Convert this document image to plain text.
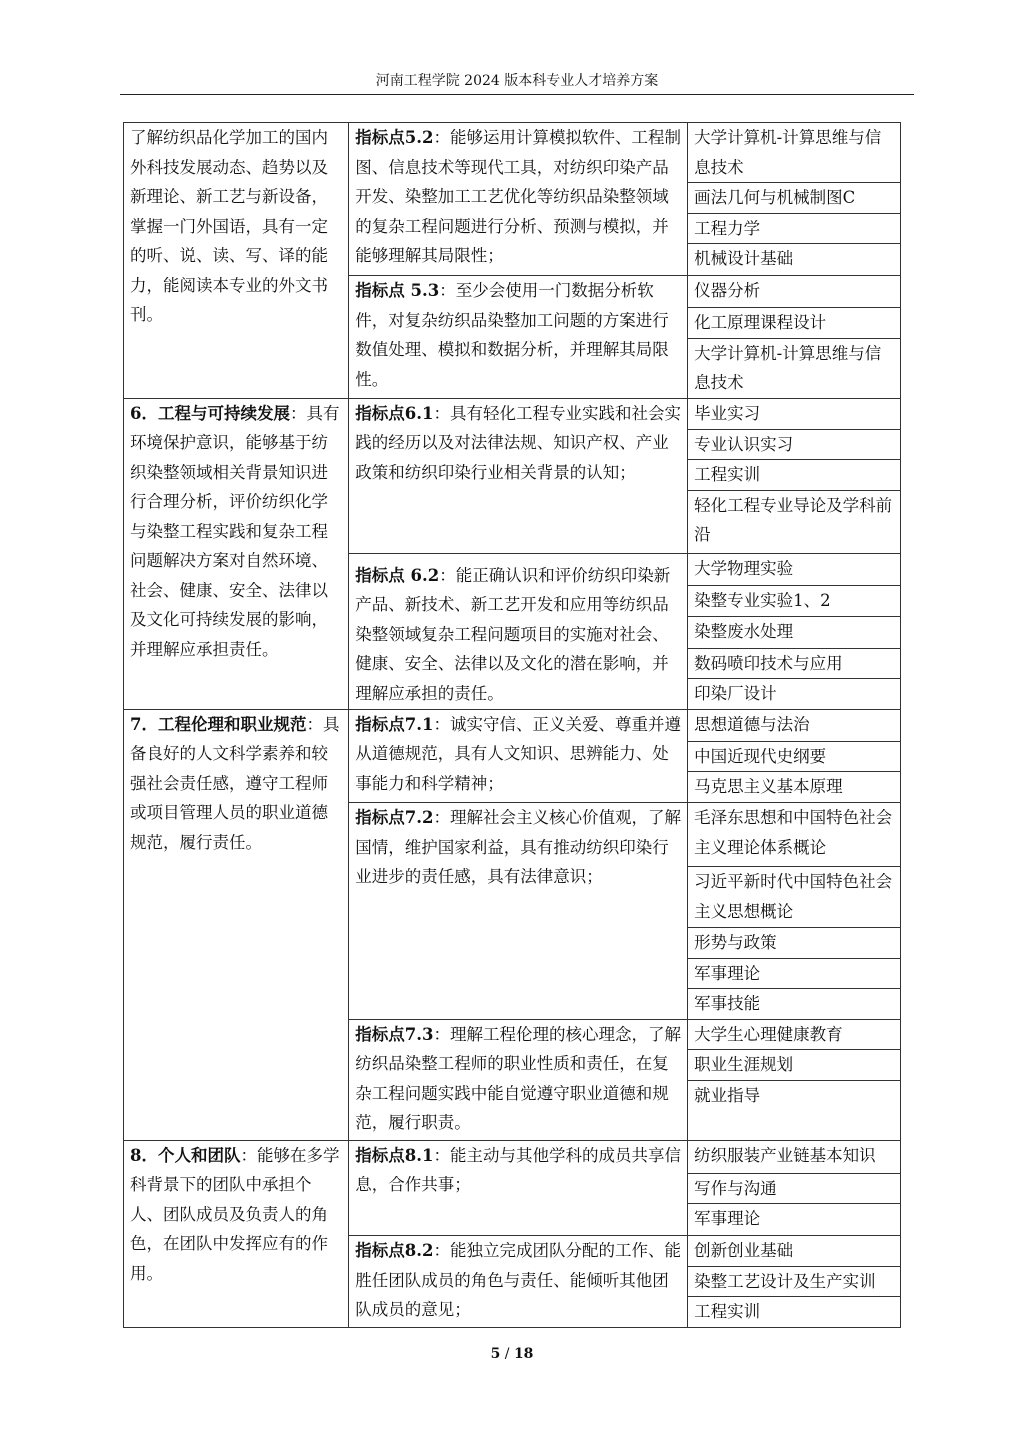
河南工程学院 2024 版本科专业人才培养方案
了解纺织品化学加工的国内外科技发展动态、趋势以及新理论、新工艺与新设备，掌握一门外国语，具有一定的听、说、读、写、译的能力，能阅读本专业的外文书刊。	指标点5.2：能够运用计算模拟软件、工程制图、信息技术等现代工具，对纺织印染产品开发、染整加工工艺优化等纺织品染整领域的复杂工程问题进行分析、预测与模拟，并能够理解其局限性；	大学计算机-计算思维与信息技术
		画法几何与机械制图C
		工程力学
		机械设计基础
	指标点 5.3：至少会使用一门数据分析软件，对复杂纺织品染整加工问题的方案进行数值处理、模拟和数据分析，并理解其局限性。	仪器分析
		化工原理课程设计
		大学计算机-计算思维与信息技术
6．工程与可持续发展：具有环境保护意识，能够基于纺织染整领域相关背景知识进行合理分析，评价纺织化学与染整工程实践和复杂工程问题解决方案对自然环境、社会、健康、安全、法律以及文化可持续发展的影响，并理解应承担责任。	指标点6.1：具有轻化工程专业实践和社会实践的经历以及对法律法规、知识产权、产业政策和纺织印染行业相关背景的认知；	毕业实习
		专业认识实习
		工程实训
		轻化工程专业导论及学科前沿
	指标点 6.2：能正确认识和评价纺织印染新产品、新技术、新工艺开发和应用等纺织品染整领域复杂工程问题项目的实施对社会、健康、安全、法律以及文化的潜在影响，并理解应承担的责任。	大学物理实验
		染整专业实验1、2
		染整废水处理
		数码喷印技术与应用
		印染厂设计
7．工程伦理和职业规范：具备良好的人文科学素养和较强社会责任感，遵守工程师或项目管理人员的职业道德规范，履行责任。	指标点7.1：诚实守信、正义关爱、尊重并遵从道德规范，具有人文知识、思辨能力、处事能力和科学精神；	思想道德与法治
		中国近现代史纲要
		马克思主义基本原理
	指标点7.2：理解社会主义核心价值观，了解国情，维护国家利益，具有推动纺织印染行业进步的责任感，具有法律意识；	毛泽东思想和中国特色社会主义理论体系概论
		习近平新时代中国特色社会主义思想概论
		形势与政策
		军事理论
		军事技能
	指标点7.3：理解工程伦理的核心理念，了解纺织品染整工程师的职业性质和责任，在复杂工程问题实践中能自觉遵守职业道德和规范，履行职责。	大学生心理健康教育
		职业生涯规划
		就业指导
8．个人和团队：能够在多学科背景下的团队中承担个人、团队成员及负责人的角色，在团队中发挥应有的作用。	指标点8.1：能主动与其他学科的成员共享信息，合作共事；	纺织服装产业链基本知识
		写作与沟通
		军事理论
	指标点8.2：能独立完成团队分配的工作、能胜任团队成员的角色与责任、能倾听其他团队成员的意见；	创新创业基础
		染整工艺设计及生产实训
		工程实训
5 / 18
